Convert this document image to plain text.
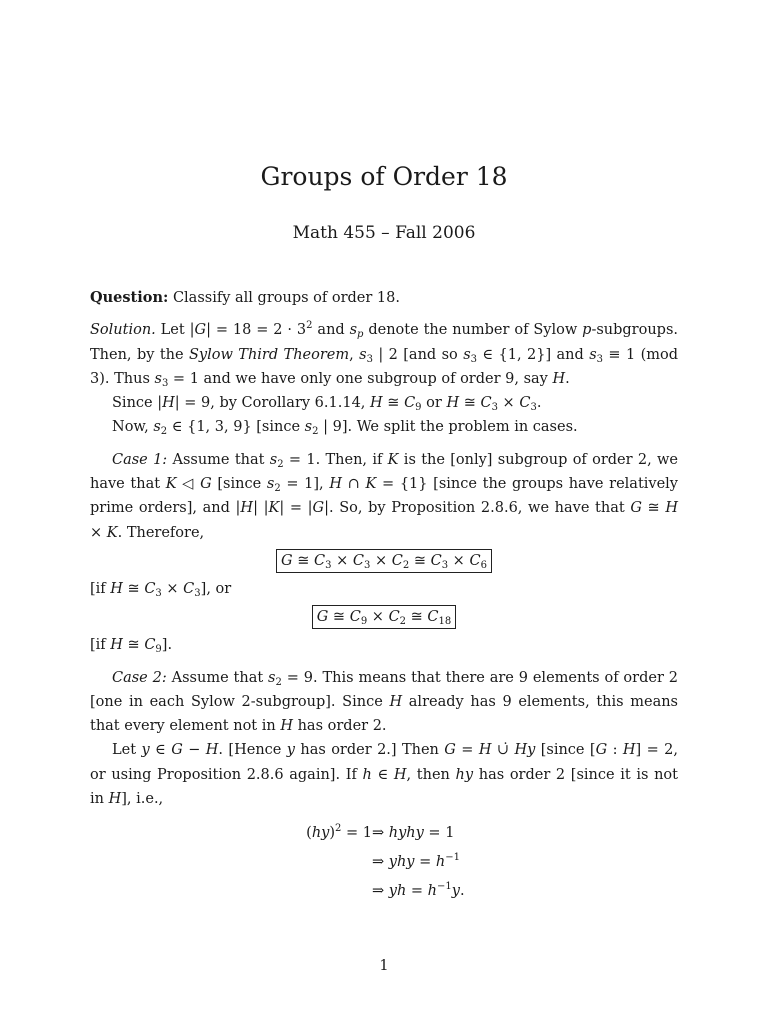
Groups of Order 18
Math 455 – Fall 2006

Question: Classify all groups of order 18.

Solution. Let $|G| = 18 = 2 \cdot 3^2$ and $s_p$ denote the number of Sylow p-subgroups. Then, by the Sylow Third Theorem, $s_3$ | 2 [and so $s_3$ ∈ {1, 2}] and $s_3 \equiv 1$ (mod 3). Thus $s_3 = 1$ and we have only one subgroup of order 9, say H.

Since |H| = 9, by Corollary 6.1.14, H ≅ $C_9$ or H ≅ $C_3 \times C_3$.

Now, $s_2$ ∈ {1, 3, 9} [since $s_2$ | 9]. We split the problem in cases.

Case 1: Assume that $s_2 = 1$. Then, if K is the [only] subgroup of order 2, we have that K ◁ G [since $s_2 = 1$], H ∩ K = {1} [since the groups have relatively prime orders], and |H| |K| = |G|. So, by Proposition 2.8.6, we have that G ≅ H × K. Therefore,

G ≅ $C_3 \times C_3 \times C_2$ ≅ $C_3 \times C_6$

[if H ≅ $C_3 \times C_3$], or

G ≅ $C_9 \times C_2$ ≅ $C_{18}$

[if H ≅ $C_9$].

Case 2: Assume that $s_2 = 9$. This means that there are 9 elements of order 2 [one in each Sylow 2-subgroup]. Since H already has 9 elements, this means that every element not in H has order 2.

Let y ∈ G − H. [Hence y has order 2.] Then G = H ∪̇ Hy [since [G : H] = 2, or using Proposition 2.8.6 again]. If h ∈ H, then hy has order 2 [since it is not in H], i.e.,

(hy)$^2$ = 1 ⇒ hyhy = 1
⇒ yhy = $h^{-1}$
⇒ yh = $h^{-1}y$.
1
